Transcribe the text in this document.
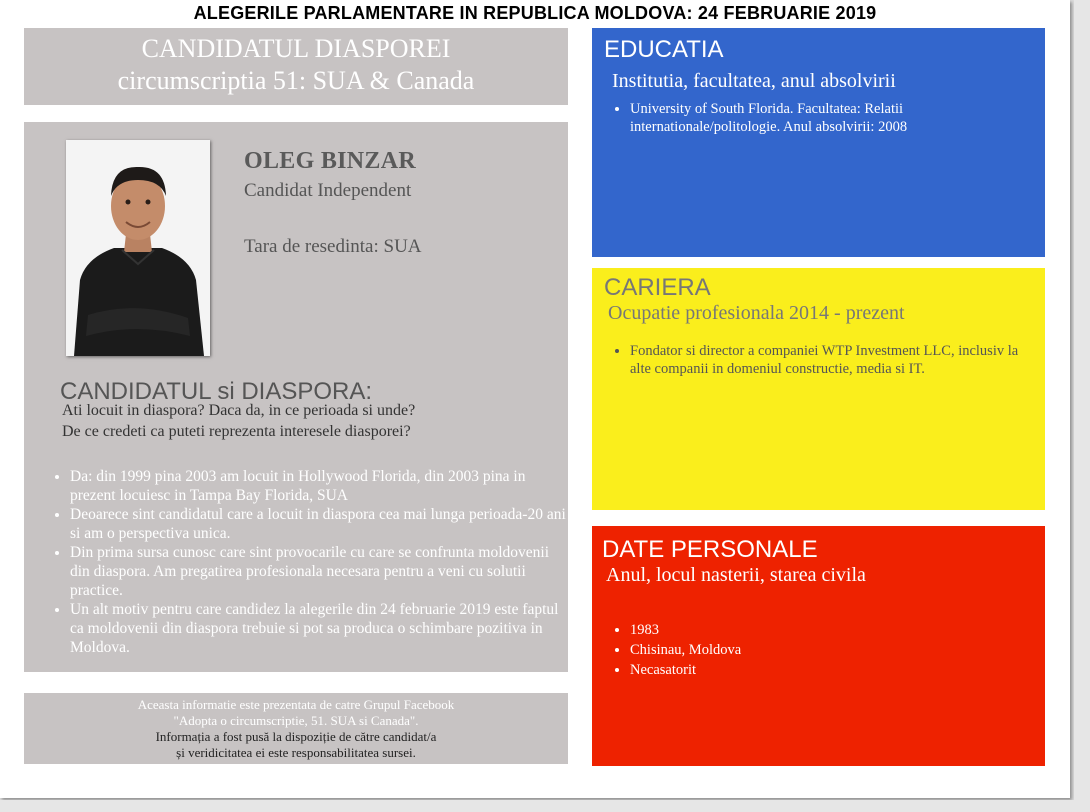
ALEGERILE PARLAMENTARE IN REPUBLICA MOLDOVA: 24 FEBRUARIE 2019
CANDIDATUL DIASPOREI
circumscriptia 51: SUA & Canada
OLEG BINZAR
Candidat Independent
Tara de resedinta: SUA
CANDIDATUL si DIASPORA:
Ati locuit in diaspora? Daca da, in ce perioada si unde?
De ce credeti ca puteti reprezenta interesele diasporei?
• Da: din 1999 pina 2003 am locuit in Hollywood Florida, din 2003 pina in prezent locuiesc in Tampa Bay Florida, SUA
• Deoarece sint candidatul care a locuit in diaspora cea mai lunga perioada-20 ani si am o perspectiva unica.
• Din prima sursa cunosc care sint provocarile cu care se confrunta moldovenii din diaspora. Am pregatirea profesionala necesara pentru a veni cu solutii practice.
• Un alt motiv pentru care candidez la alegerile din 24 februarie 2019 este faptul ca moldovenii din diaspora trebuie si pot sa produca o schimbare pozitiva in Moldova.
Aceasta informatie este prezentata de catre Grupul Facebook
"Adopta o circumscriptie, 51. SUA si Canada".
Informația a fost pusă la dispoziție de către candidat/a
și veridicitatea ei este responsabilitatea sursei.
EDUCATIA
Institutia, facultatea, anul absolvirii
• University of South Florida. Facultatea: Relatii internationale/politologie. Anul absolvirii: 2008
CARIERA
Ocupatie profesionala 2014 - prezent
• Fondator si director a companiei WTP Investment LLC, inclusiv la alte companii in domeniul constructie, media si IT.
DATE PERSONALE
Anul, locul nasterii, starea civila
• 1983
• Chisinau, Moldova
• Necasatorit
